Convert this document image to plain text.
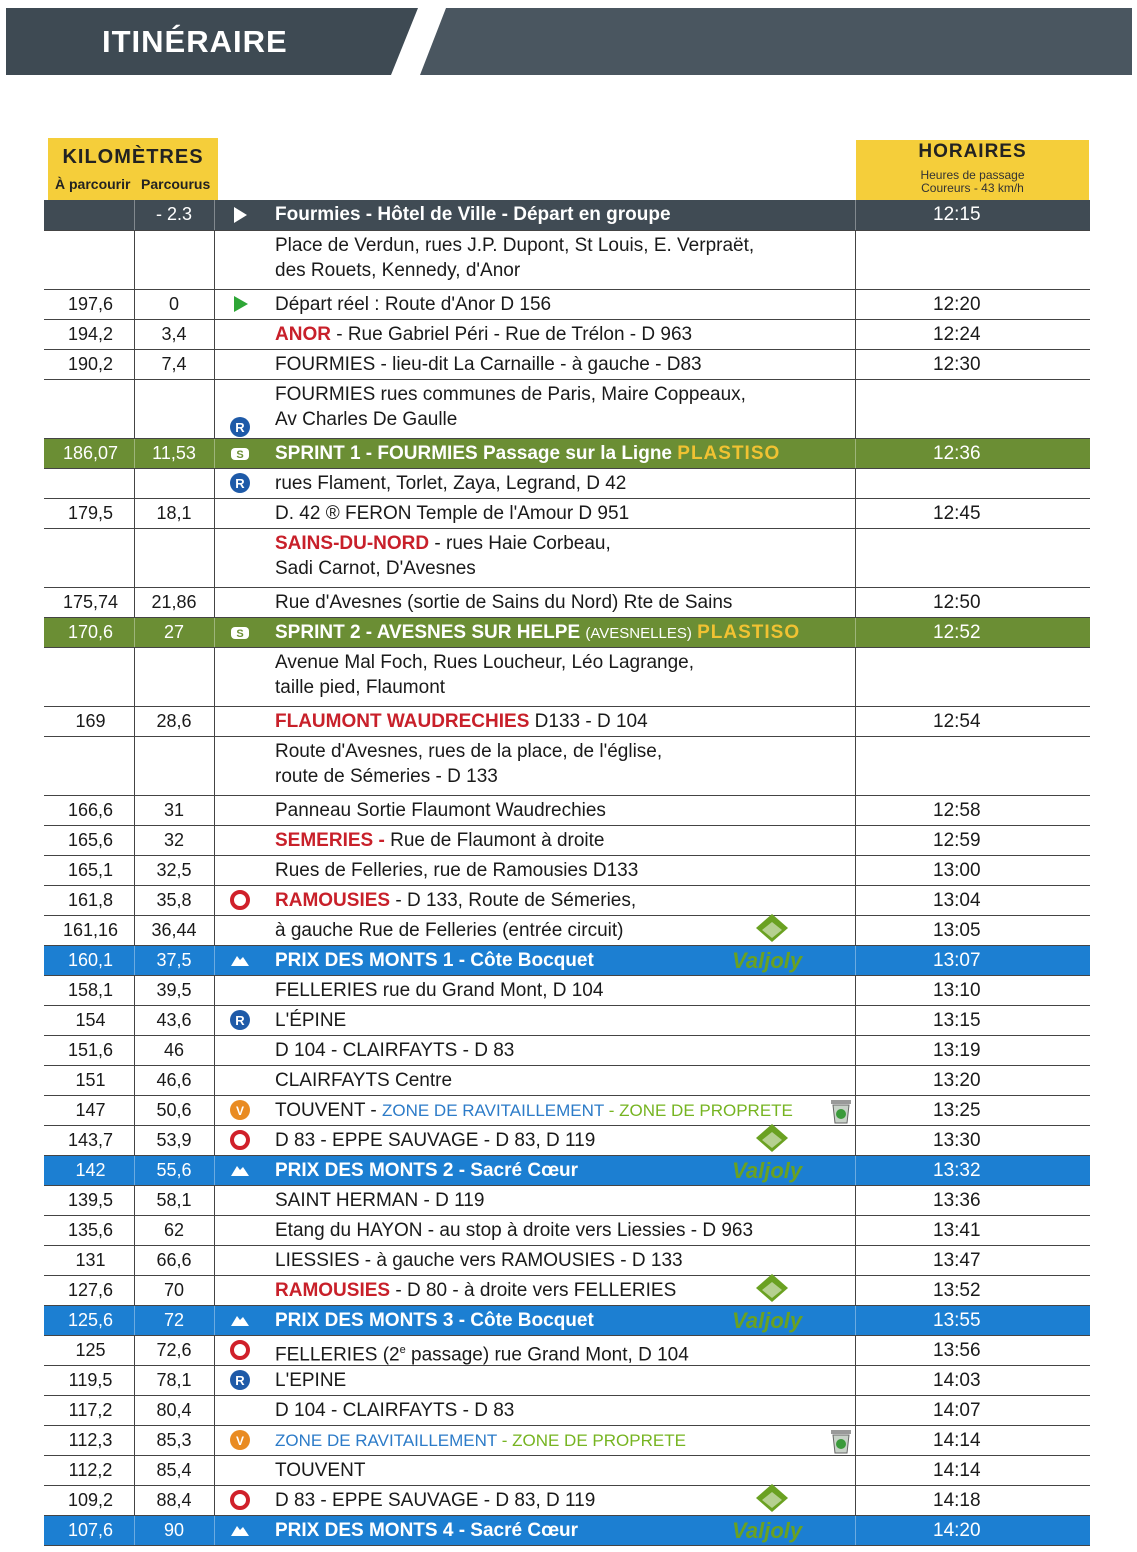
ITINÉRAIRE
KILOMÈTRES
À parcourir Parcourus
HORAIRES
Heures de passage
Coureurs - 43 km/h
- 2.3	Fourmies - Hôtel de Ville - Départ en groupe	12:15
Place de Verdun, rues J.P. Dupont, St Louis, E. Verpraët,
des Rouets, Kennedy, d'Anor
197,6	0	Départ réel : Route d'Anor D 156	12:20
194,2	3,4	ANOR - Rue Gabriel Péri - Rue de Trélon - D 963	12:24
190,2	7,4	FOURMIES - lieu-dit La Carnaille - à gauche - D83	12:30
R
FOURMIES rues communes de Paris, Maire Coppeaux,
Av Charles De Gaulle
186,07	11,53	S SPRINT 1 - FOURMIES Passage sur la Ligne PLASTISO	12:36
R rues Flament, Torlet, Zaya, Legrand, D 42
179,5	18,1	D. 42 ® FERON Temple de l'Amour D 951	12:45
SAINS-DU-NORD - rues Haie Corbeau,
Sadi Carnot, D'Avesnes
175,74	21,86	Rue d'Avesnes (sortie de Sains du Nord) Rte de Sains	12:50
170,6	27	S SPRINT 2 - AVESNES SUR HELPE (AVESNELLES) PLASTISO	12:52
Avenue Mal Foch, Rues Loucheur, Léo Lagrange,
taille pied, Flaumont
169	28,6	FLAUMONT WAUDRECHIES D133 - D 104	12:54
Route d'Avesnes, rues de la place, de l'église,
route de Sémeries - D 133
166,6	31	Panneau Sortie Flaumont Waudrechies	12:58
165,6	32	SEMERIES - Rue de Flaumont à droite	12:59
165,1	32,5	Rues de Felleries, rue de Ramousies D133	13:00
161,8	35,8	RAMOUSIES - D 133, Route de Sémeries,	13:04
161,16	36,44	à gauche Rue de Felleries (entrée circuit)	13:05
160,1	37,5	PRIX DES MONTS 1 - Côte Bocquet	13:07
Valjoly
158,1	39,5	FELLERIES rue du Grand Mont, D 104	13:10
154	43,6	R L'ÉPINE	13:15
151,6	46	D 104 - CLAIRFAYTS - D 83	13:19
151	46,6	CLAIRFAYTS Centre	13:20
147	50,6	V TOUVENT - ZONE DE RAVITAILLEMENT - ZONE DE PROPRETE	13:25
143,7	53,9	D 83 - EPPE SAUVAGE - D 83, D 119	13:30
142	55,6	PRIX DES MONTS 2 - Sacré Cœur	13:32
Valjoly
139,5	58,1	SAINT HERMAN - D 119	13:36
135,6	62	Etang du HAYON - au stop à droite vers Liessies - D 963	13:41
131	66,6	LIESSIES - à gauche vers RAMOUSIES - D 133	13:47
127,6	70	RAMOUSIES - D 80 - à droite vers FELLERIES	13:52
125,6	72	PRIX DES MONTS 3 - Côte Bocquet	13:55
Valjoly
125	72,6	FELLERIES (2e passage) rue Grand Mont, D 104	13:56
119,5	78,1	R L'EPINE	14:03
117,2	80,4	D 104 - CLAIRFAYTS - D 83	14:07
112,3	85,3	V ZONE DE RAVITAILLEMENT - ZONE DE PROPRETE	14:14
112,2	85,4	TOUVENT	14:14
109,2	88,4	D 83 - EPPE SAUVAGE - D 83, D 119	14:18
107,6	90	PRIX DES MONTS 4 - Sacré Cœur	14:20
Valjoly
